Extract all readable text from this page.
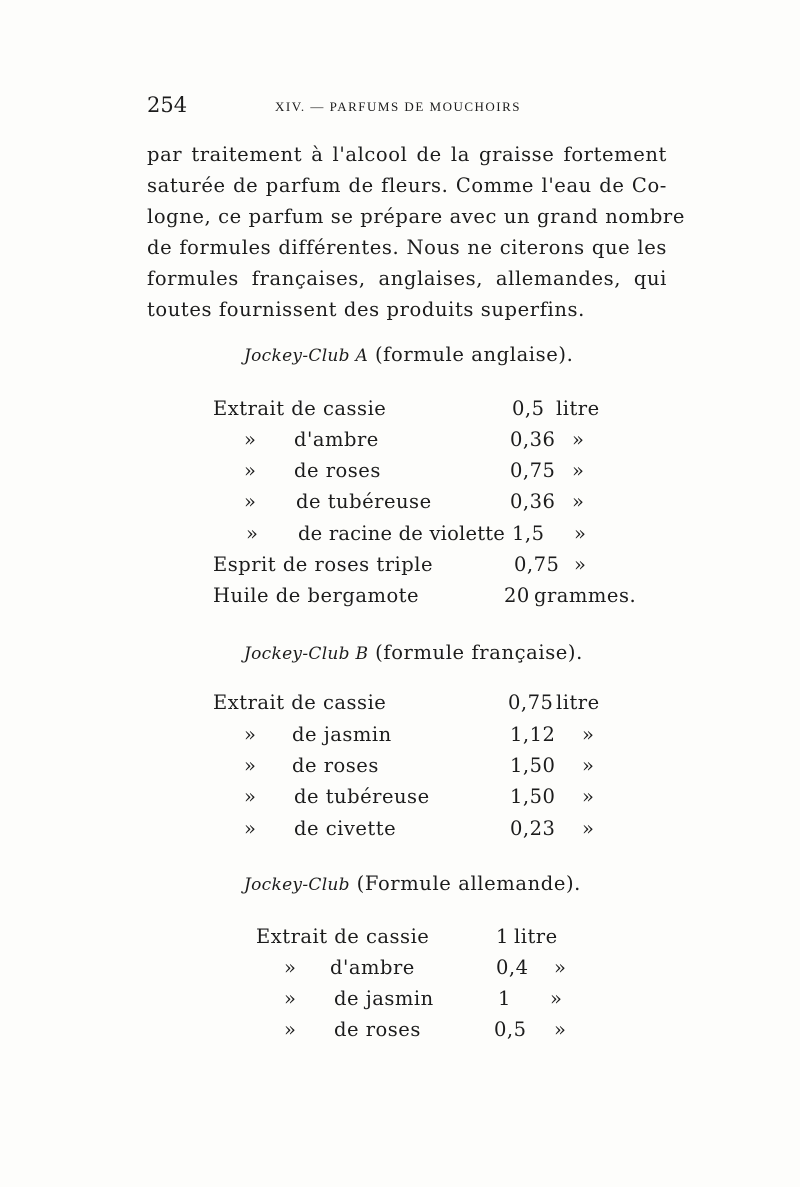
254	XIV. — PARFUMS DE MOUCHOIRS
par traitement à l'alcool de la graisse fortement
saturée de parfum de fleurs. Comme l'eau de Co-
logne, ce parfum se prépare avec un grand nombre
de formules différentes. Nous ne citerons que les
formules françaises, anglaises, allemandes, qui
toutes fournissent des produits superfins.
Jockey-Club A (formule anglaise).
Extrait de cassie	0,5 litre
» d'ambre	0,36 »
» de roses	0,75 »
» de tubéreuse	0,36 »
» de racine de violette 1,5 »
Esprit de roses triple	0,75 »
Huile de bergamote	20 grammes.
Jockey-Club B (formule française).
Extrait de cassie	0,75 litre
» de jasmin	1,12 »
» de roses	1,50 »
» de tubéreuse	1,50 »
» de civette	0,23 »
Jockey-Club (Formule allemande).
Extrait de cassie	1 litre
» d'ambre	0,4 »
» de jasmin	1 »
» de roses	0,5 »
